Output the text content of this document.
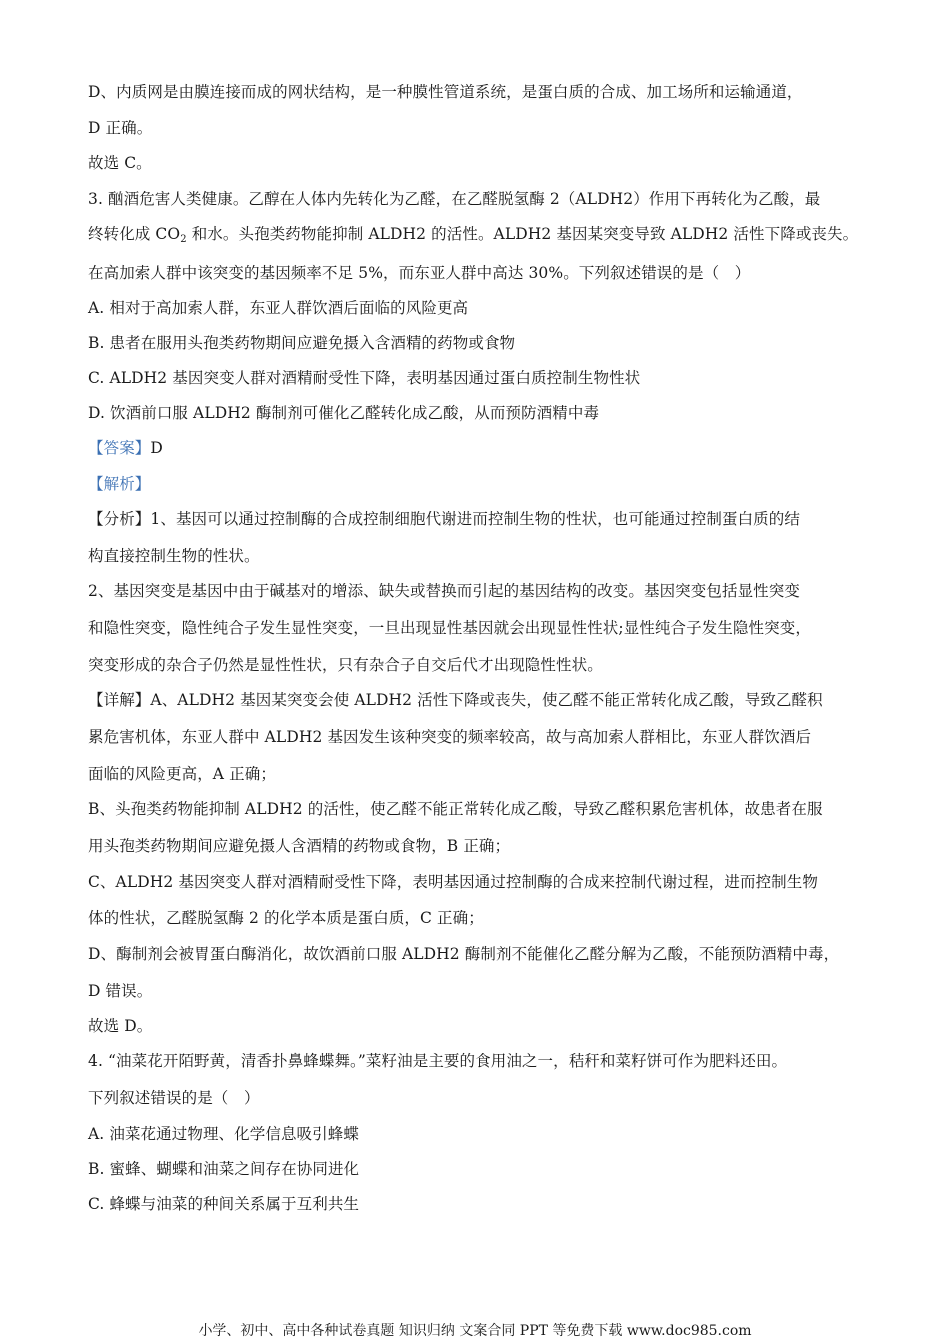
D、内质网是由膜连接而成的网状结构，是一种膜性管道系统，是蛋白质的合成、加工场所和运输通道，
D 正确。
故选 C。
3. 酗酒危害人类健康。乙醇在人体内先转化为乙醛，在乙醛脱氢酶 2（ALDH2）作用下再转化为乙酸，最
终转化成 $CO_2$ 和水。头孢类药物能抑制 ALDH2 的活性。ALDH2 基因某突变导致 ALDH2 活性下降或丧失。
在高加索人群中该突变的基因频率不足 5%，而东亚人群中高达 30%。下列叙述错误的是（　）
A. 相对于高加索人群，东亚人群饮酒后面临的风险更高
B. 患者在服用头孢类药物期间应避免摄入含酒精的药物或食物
C. ALDH2 基因突变人群对酒精耐受性下降，表明基因通过蛋白质控制生物性状
D. 饮酒前口服 ALDH2 酶制剂可催化乙醛转化成乙酸，从而预防酒精中毒
【答案】D
【解析】
【分析】1、基因可以通过控制酶的合成控制细胞代谢进而控制生物的性状，也可能通过控制蛋白质的结
构直接控制生物的性状。
2、基因突变是基因中由于碱基对的增添、缺失或替换而引起的基因结构的改变。基因突变包括显性突变
和隐性突变，隐性纯合子发生显性突变，一旦出现显性基因就会出现显性性状;显性纯合子发生隐性突变，
突变形成的杂合子仍然是显性性状，只有杂合子自交后代才出现隐性性状。
【详解】A、ALDH2 基因某突变会使 ALDH2 活性下降或丧失，使乙醛不能正常转化成乙酸，导致乙醛积
累危害机体，东亚人群中 ALDH2 基因发生该种突变的频率较高，故与高加索人群相比，东亚人群饮酒后
面临的风险更高，A 正确；
B、头孢类药物能抑制 ALDH2 的活性，使乙醛不能正常转化成乙酸，导致乙醛积累危害机体，故患者在服
用头孢类药物期间应避免摄人含酒精的药物或食物，B 正确；
C、ALDH2 基因突变人群对酒精耐受性下降，表明基因通过控制酶的合成来控制代谢过程，进而控制生物
体的性状，乙醛脱氢酶 2 的化学本质是蛋白质，C 正确；
D、酶制剂会被胃蛋白酶消化，故饮酒前口服 ALDH2 酶制剂不能催化乙醛分解为乙酸，不能预防酒精中毒，
D 错误。
故选 D。
4. “油菜花开陌野黄，清香扑鼻蜂蝶舞。”菜籽油是主要的食用油之一，秸秆和菜籽饼可作为肥料还田。
下列叙述错误的是（　）
A. 油菜花通过物理、化学信息吸引蜂蝶
B. 蜜蜂、蝴蝶和油菜之间存在协同进化
C. 蜂蝶与油菜的种间关系属于互利共生
小学、初中、高中各种试卷真题 知识归纳 文案合同 PPT 等免费下载 www.doc985.com
